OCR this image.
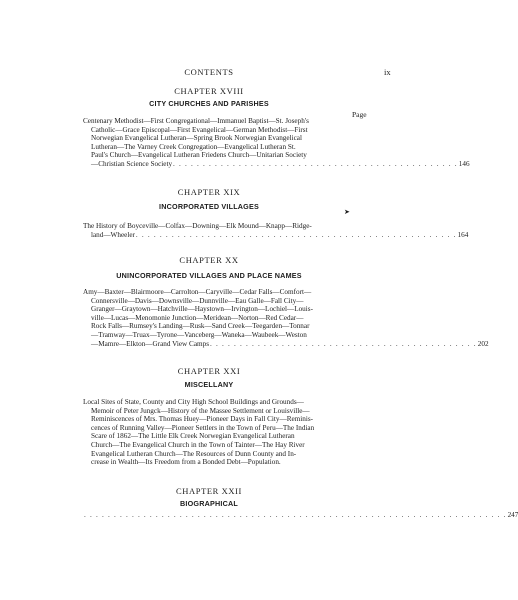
CONTENTS	ix
CHAPTER XVIII
CITY CHURCHES AND PARISHES
Page
Centenary Methodist—First Congregational—Immanuel Baptist—St. Joseph's
Catholic—Grace Episcopal—First Evangelical—German Methodist—First
Norwegian Evangelical Lutheran—Spring Brook Norwegian Evangelical
Lutheran—The Varney Creek Congregation—Evangelical Lutheran St.
Paul's Church—Evangelical Lutheran Friedens Church—Unitarian Society
—Christian Science Society . . . . . . . . . . . . . . . . . . . . . . . . . . . . . . . . . . . . . . . . . . . . . . . . 146
CHAPTER XIX
INCORPORATED VILLAGES
➤
The History of Boyceville—Colfax—Downing—Elk Mound—Knapp—Ridge-
land—Wheeler . . . . . . . . . . . . . . . . . . . . . . . . . . . . . . . . . . . . . . . . . . . . . . . . . . . . . . 164
CHAPTER XX
UNINCORPORATED VILLAGES AND PLACE NAMES
Amy—Baxter—Blairmoore—Carrolton—Caryville—Cedar Falls—Comfort—
Connersville—Davis—Downsville—Dunnville—Eau Galle—Fall City—
Granger—Graytown—Hatchville—Haystown—Irvington—Lochiel—Louis-
ville—Lucas—Menomonie Junction—Meridean—Norton—Red Cedar—
Rock Falls—Rumsey's Landing—Rusk—Sand Creek—Teegarden—Tonnar
—Tramway—Truax—Tyrone—Vanceberg—Waneka—Waubeek—Weston
—Mamre—Elkton—Grand View Camps . . . . . . . . . . . . . . . . . . . . . . . . . . . . . . . . . . . . . . . . . . . . . 202
CHAPTER XXI
MISCELLANY
Local Sites of State, County and City High School Buildings and Grounds—
Memoir of Peter Jungck—History of the Massee Settlement or Louisville—
Reminiscences of Mrs. Thomas Huey—Pioneer Days in Fall City—Reminis-
cences of Running Valley—Pioneer Settlers in the Town of Peru—The Indian
Scare of 1862—The Little Elk Creek Norwegian Evangelical Lutheran
Church—The Evangelical Church in the Town of Tainter—The Hay River
Evangelical Lutheran Church—The Resources of Dunn County and In-
crease in Wealth—Its Freedom from a Bonded Debt—Population.
CHAPTER XXII
BIOGRAPHICAL
. . . . . . . . . . . . . . . . . . . . . . . . . . . . . . . . . . . . . . . . . . . . . . . . . . . . . . . . . . . . . . . . . . . . . . . 247
